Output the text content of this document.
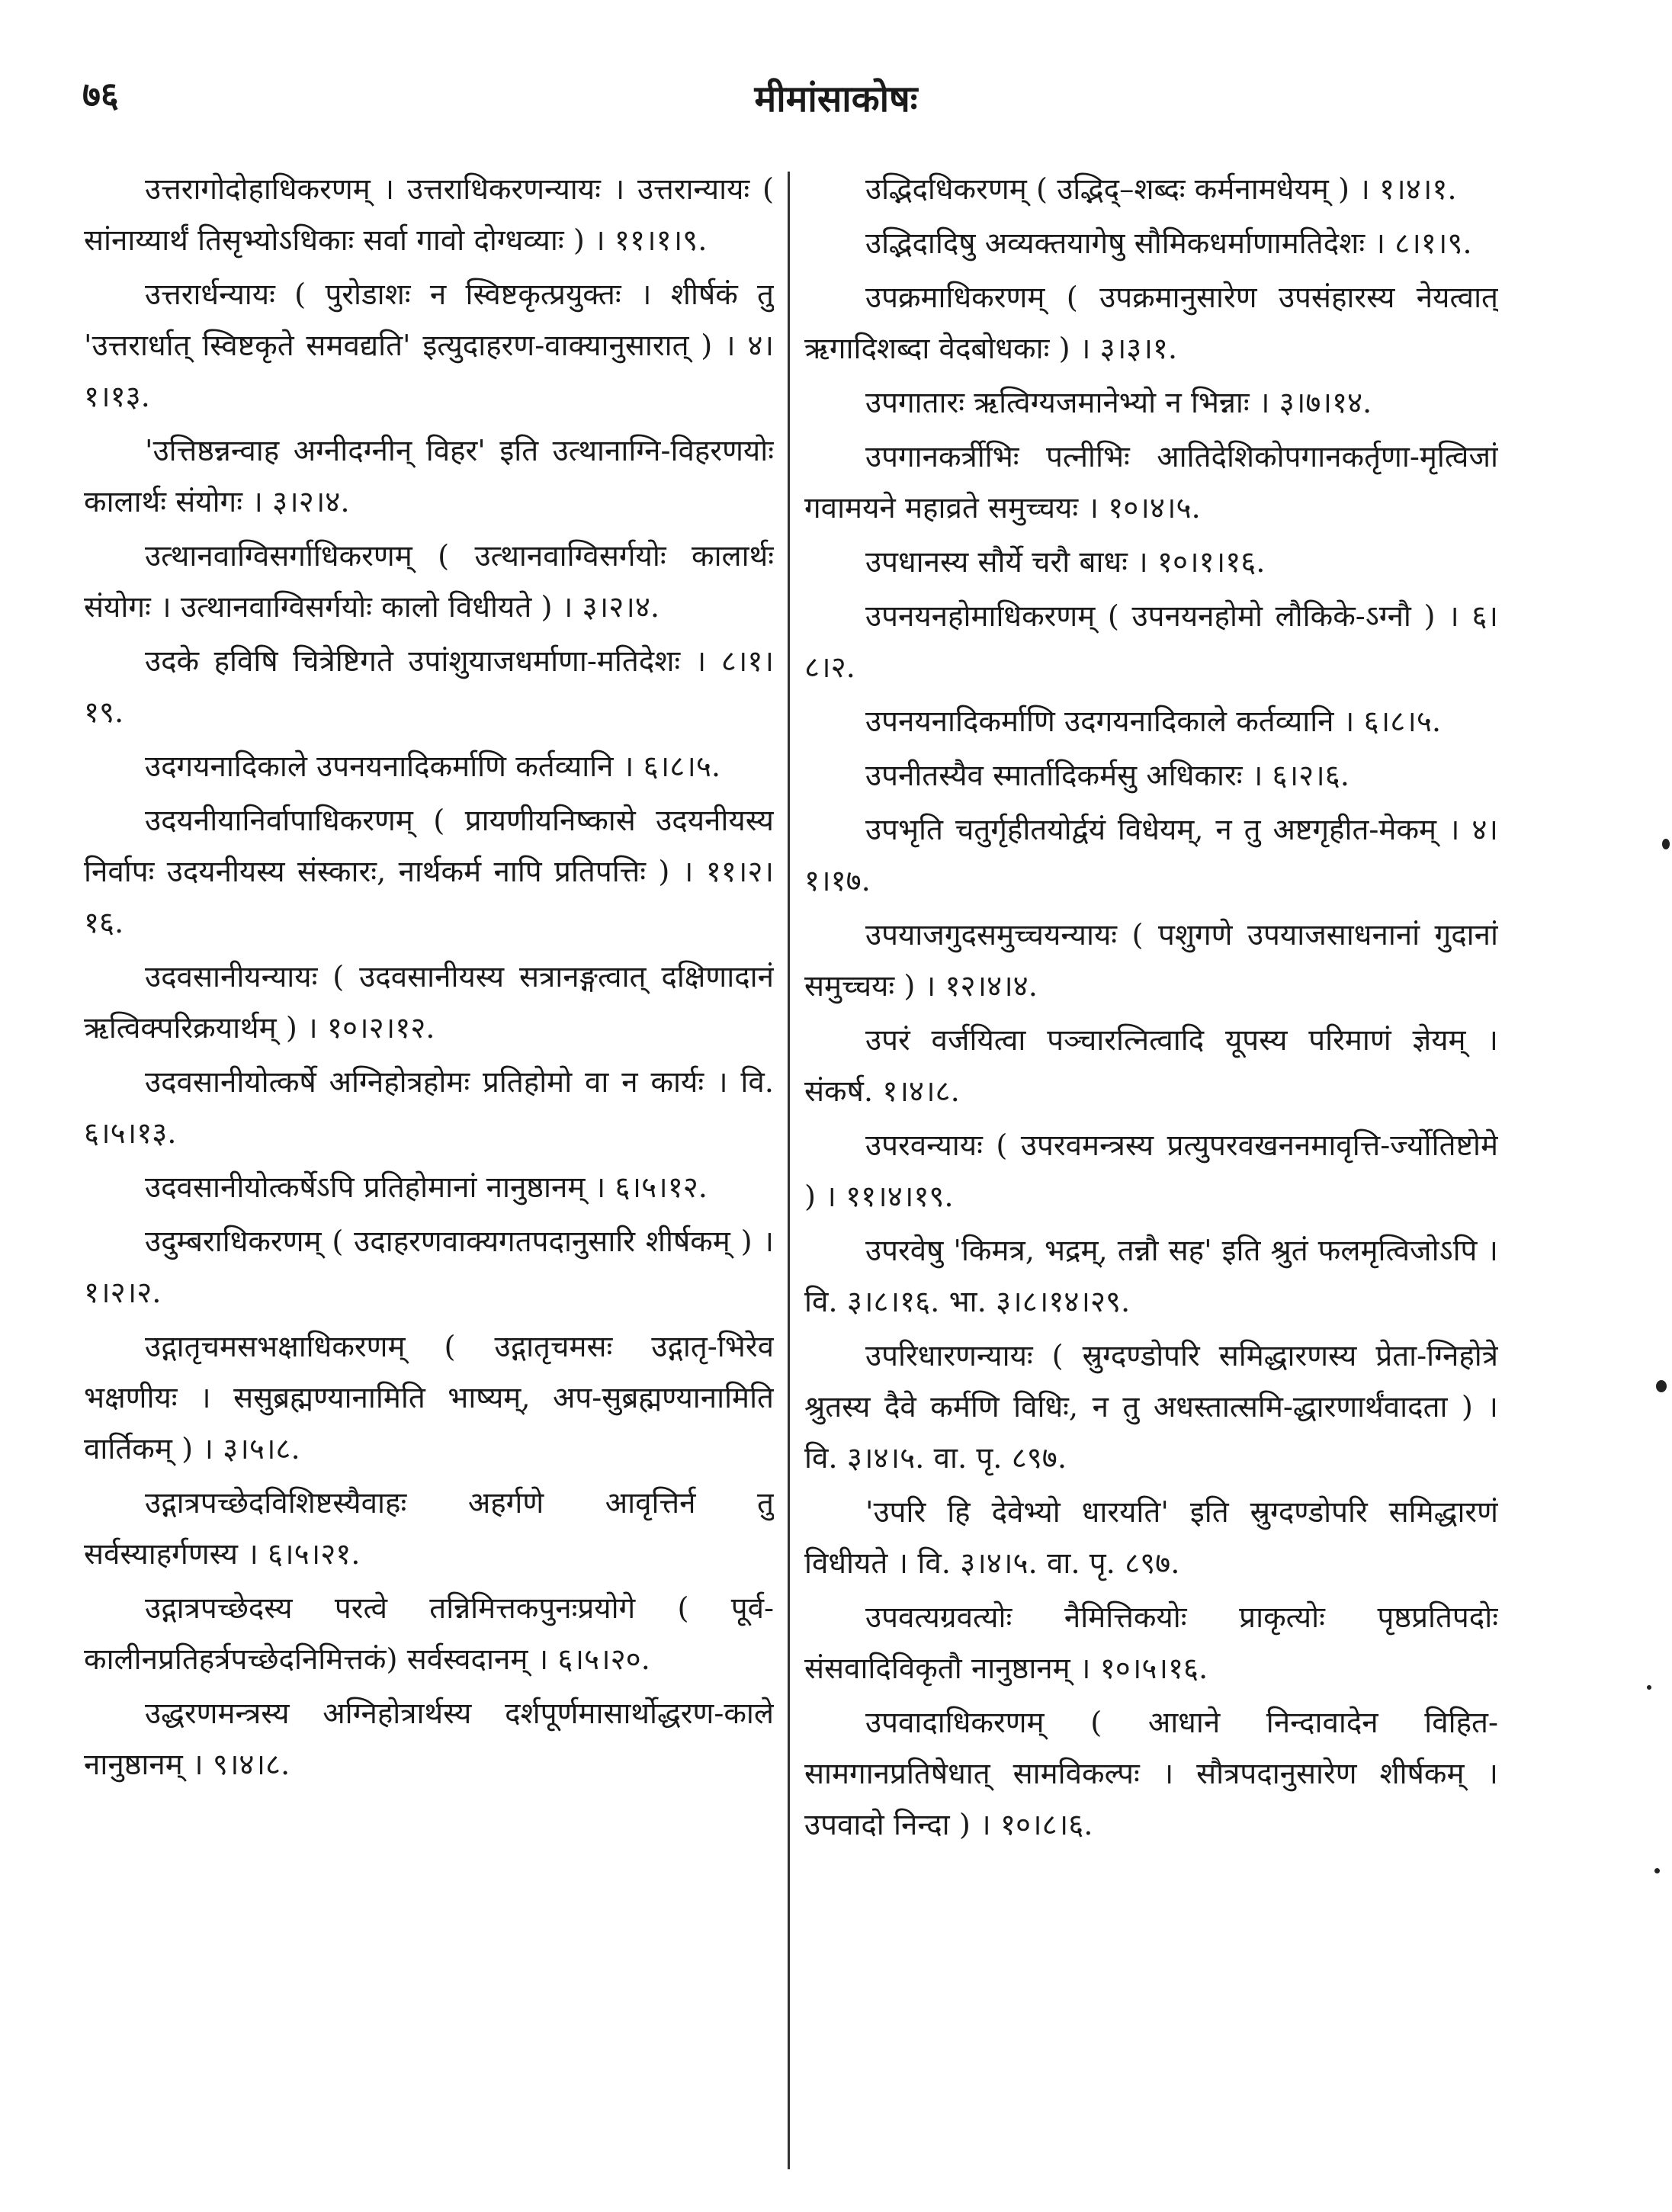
७६	मीमांसाकोषः

उत्तरागोदोहाधिकरणम् । उत्तराधिकरणन्यायः । उत्तरान्यायः ( सांनाय्यार्थं तिसृभ्योऽधिकाः सर्वा गावो दोग्धव्याः ) । ११।१।९.

उत्तरार्धन्यायः ( पुरोडाशः न स्विष्टकृत्प्रयुक्तः । शीर्षकं तु 'उत्तरार्धात् स्विष्टकृते समवद्यति' इत्युदाहरण-वाक्यानुसारात् ) । ४।१।१३.

'उत्तिष्ठन्नन्वाह अग्नीदग्नीन् विहर' इति उत्थानाग्नि-विहरणयोः कालार्थः संयोगः । ३।२।४.

उत्थानवाग्विसर्गाधिकरणम् ( उत्थानवाग्विसर्गयोः कालार्थः संयोगः । उत्थानवाग्विसर्गयोः कालो विधीयते ) । ३।२।४.

उदके हविषि चित्रेष्टिगते उपांशुयाजधर्माणा-मतिदेशः । ८।१।१९.

उदगयनादिकाले उपनयनादिकर्माणि कर्तव्यानि । ६।८।५.

उदयनीयानिर्वापाधिकरणम् ( प्रायणीयनिष्कासे उदयनीयस्य निर्वापः उदयनीयस्य संस्कारः, नार्थकर्म नापि प्रतिपत्तिः ) । ११।२।१६.

उदवसानीयन्यायः ( उदवसानीयस्य सत्रानङ्गत्वात् दक्षिणादानं ऋत्विक्परिक्रयार्थम् ) । १०।२।१२.

उदवसानीयोत्कर्षे अग्निहोत्रहोमः प्रतिहोमो वा न कार्यः । वि. ६।५।१३.

उदवसानीयोत्कर्षेऽपि प्रतिहोमानां नानुष्ठानम् । ६।५।१२.

उदुम्बराधिकरणम् ( उदाहरणवाक्यगतपदानुसारि शीर्षकम् ) । १।२।२.

उद्गातृचमसभक्षाधिकरणम् ( उद्गातृचमसः उद्गातृ-भिरेव भक्षणीयः । ससुब्रह्मण्यानामिति भाष्यम्, अप-सुब्रह्मण्यानामिति वार्तिकम् ) । ३।५।८.

उद्गात्रपच्छेदविशिष्टस्यैवाहः अहर्गणे आवृत्तिर्न तु सर्वस्याहर्गणस्य । ६।५।२१.

उद्गात्रपच्छेदस्य परत्वे तन्निमित्तकपुनःप्रयोगे ( पूर्व-कालीनप्रतिहर्त्रपच्छेदनिमित्तकं) सर्वस्वदानम् । ६।५।२०.

उद्धरणमन्त्रस्य अग्निहोत्रार्थस्य दर्शपूर्णमासार्थोद्धरण-काले नानुष्ठानम् । ९।४।८.

उद्भिदधिकरणम् ( उद्भिद्–शब्दः कर्मनामधेयम् ) । १।४।१.

उद्भिदादिषु अव्यक्तयागेषु सौमिकधर्माणामतिदेशः । ८।१।९.

उपक्रमाधिकरणम् ( उपक्रमानुसारेण उपसंहारस्य नेयत्वात् ऋगादिशब्दा वेदबोधकाः ) । ३।३।१.

उपगातारः ऋत्विग्यजमानेभ्यो न भिन्नाः । ३।७।१४.

उपगानकर्त्रीभिः पत्नीभिः आतिदेशिकोपगानकर्तृणा-मृत्विजां गवामयने महाव्रते समुच्चयः । १०।४।५.

उपधानस्य सौर्ये चरौ बाधः । १०।१।१६.

उपनयनहोमाधिकरणम् ( उपनयनहोमो लौकिके-ऽग्नौ ) । ६।८।२.

उपनयनादिकर्माणि उदगयनादिकाले कर्तव्यानि । ६।८।५.

उपनीतस्यैव स्मार्तादिकर्मसु अधिकारः । ६।२।६.

उपभृति चतुर्गृहीतयोर्द्वयं विधेयम्, न तु अष्टगृहीत-मेकम् । ४।१।१७.

उपयाजगुदसमुच्चयन्यायः ( पशुगणे उपयाजसाधनानां गुदानां समुच्चयः ) । १२।४।४.

उपरं वर्जयित्वा पञ्चारत्नित्वादि यूपस्य परिमाणं ज्ञेयम् । संकर्ष. १।४।८.

उपरवन्यायः ( उपरवमन्त्रस्य प्रत्युपरवखननमावृत्ति-र्ज्योतिष्टोमे ) । ११।४।१९.

उपरवेषु 'किमत्र, भद्रम्, तन्नौ सह' इति श्रुतं फलमृत्विजोऽपि । वि. ३।८।१६. भा. ३।८।१४।२९.

उपरिधारणन्यायः ( स्रुग्दण्डोपरि समिद्धारणस्य प्रेता-ग्निहोत्रे श्रुतस्य दैवे कर्मणि विधिः, न तु अधस्तात्समि-द्धारणार्थंवादता ) । वि. ३।४।५. वा. पृ. ८९७.

'उपरि हि देवेभ्यो धारयति' इति स्रुग्दण्डोपरि समिद्धारणं विधीयते । वि. ३।४।५. वा. पृ. ८९७.

उपवत्यग्रवत्योः नैमित्तिकयोः प्राकृत्योः पृष्ठप्रतिपदोः संसवादिविकृतौ नानुष्ठानम् । १०।५।१६.

उपवादाधिकरणम् ( आधाने निन्दावादेन विहित-सामगानप्रतिषेधात् सामविकल्पः । सौत्रपदानुसारेण शीर्षकम् । उपवादो निन्दा ) । १०।८।६.
